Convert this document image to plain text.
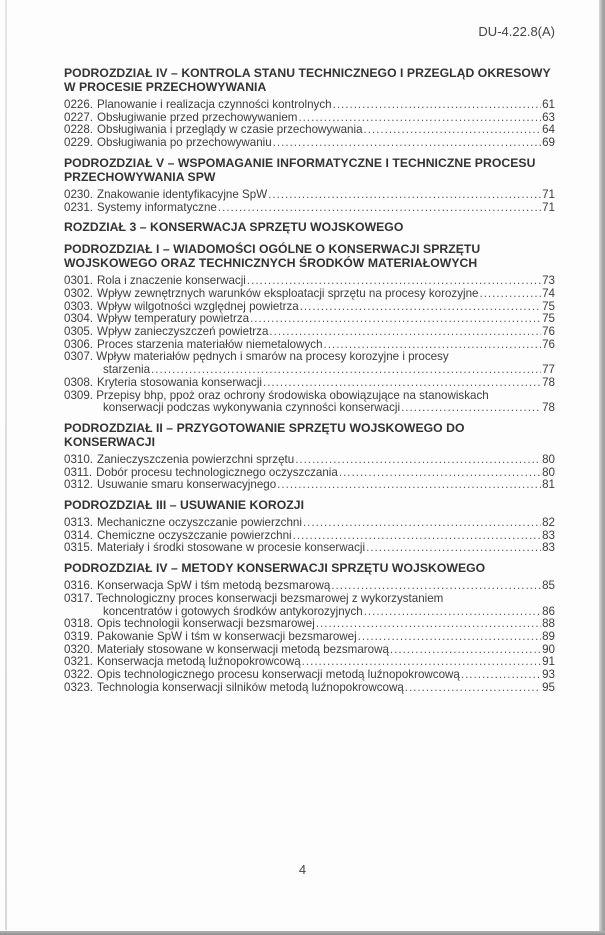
DU-4.22.8(A)
PODROZDZIAŁ IV – KONTROLA STANU TECHNICZNEGO I PRZEGLĄD OKRESOWY W PROCESIE PRZECHOWYWANIA
0226. Planowanie i realizacja czynności kontrolnych .....	61
0227. Obsługiwanie przed przechowywaniem .....	63
0228. Obsługiwania i przeglądy w czasie przechowywania .....	64
0229. Obsługiwania po przechowywaniu .....	69
PODROZDZIAŁ V – WSPOMAGANIE INFORMATYCZNE I TECHNICZNE PROCESU PRZECHOWYWANIA SPW
0230. Znakowanie identyfikacyjne SpW .....	71
0231. Systemy informatyczne .....	71
ROZDZIAŁ 3 – KONSERWACJA SPRZĘTU WOJSKOWEGO
PODROZDZIAŁ I – WIADOMOŚCI OGÓLNE O KONSERWACJI SPRZĘTU WOJSKOWEGO ORAZ TECHNICZNYCH ŚRODKÓW MATERIAŁOWYCH
0301. Rola i znaczenie konserwacji .....	73
0302. Wpływ zewnętrznych warunków eksploatacji sprzętu na procesy korozyjne .....	74
0303. Wpływ wilgotności względnej powietrza .....	75
0304. Wpływ temperatury powietrza .....	75
0305. Wpływ zanieczyszczeń powietrza .....	76
0306. Proces starzenia materiałów niemetalowych .....	76
0307. Wpływ materiałów pędnych i smarów na procesy korozyjne i procesy
starzenia .....	77
0308. Kryteria stosowania konserwacji .....	78
0309. Przepisy bhp, ppoż oraz ochrony środowiska obowiązujące na stanowiskach
konserwacji podczas wykonywania czynności konserwacji .....	78
PODROZDZIAŁ II – PRZYGOTOWANIE SPRZĘTU WOJSKOWEGO DO KONSERWACJI
0310. Zanieczyszczenia powierzchni sprzętu .....	80
0311. Dobór procesu technologicznego oczyszczania .....	80
0312. Usuwanie smaru konserwacyjnego .....	81
PODROZDZIAŁ III – USUWANIE KOROZJI
0313. Mechaniczne oczyszczanie powierzchni .....	82
0314. Chemiczne oczyszczanie powierzchni .....	83
0315. Materiały i środki stosowane w procesie konserwacji .....	83
PODROZDZIAŁ IV – METODY KONSERWACJI SPRZĘTU WOJSKOWEGO
0316. Konserwacja SpW i tśm metodą bezsmarową .....	85
0317. Technologiczny proces konserwacji bezsmarowej z wykorzystaniem
koncentratów i gotowych środków antykorozyjnych .....	86
0318. Opis technologii konserwacji bezsmarowej .....	88
0319. Pakowanie SpW i tśm w konserwacji bezsmarowej .....	89
0320. Materiały stosowane w konserwacji metodą bezsmarową .....	90
0321. Konserwacja metodą luźnopokrowcową .....	91
0322. Opis technologicznego procesu konserwacji metodą luźnopokrowcową .....	93
0323. Technologia konserwacji silników metodą luźnopokrowcową .....	95
4
